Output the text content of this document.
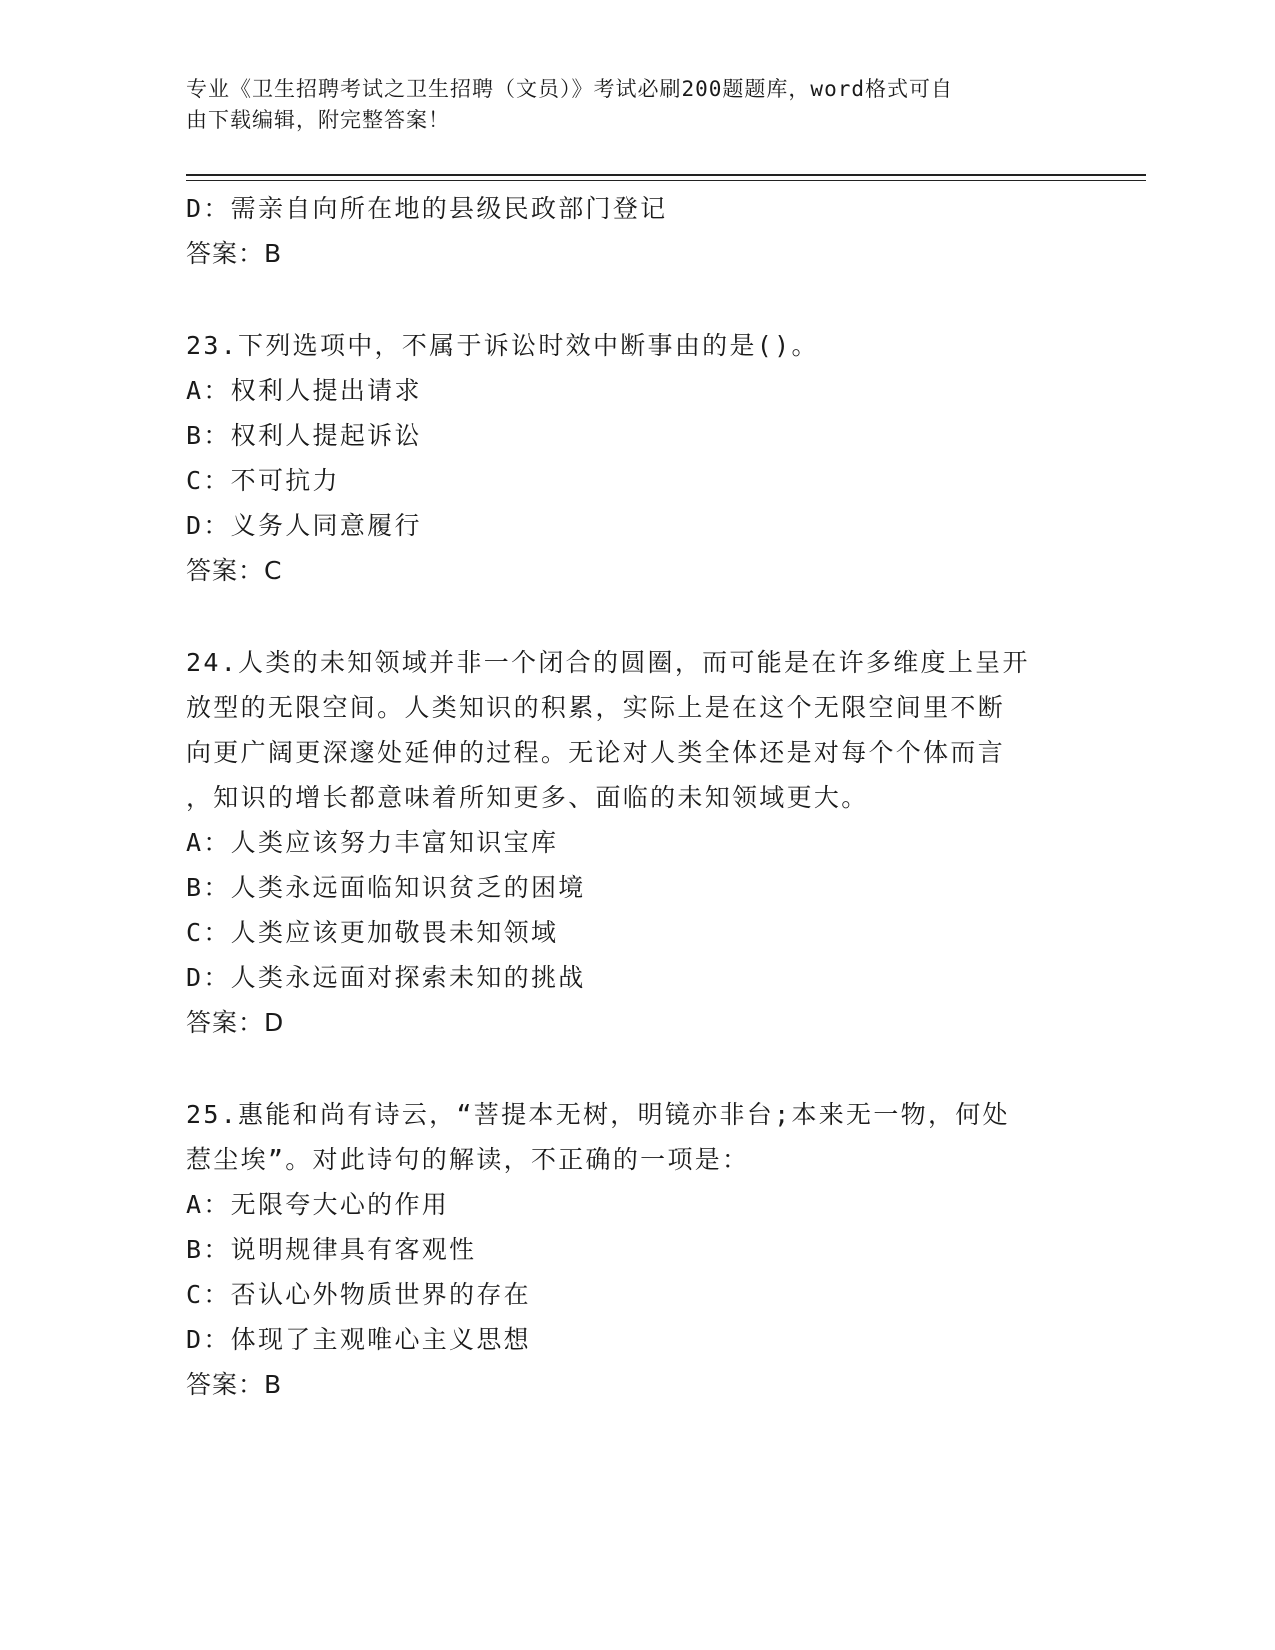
专业《卫生招聘考试之卫生招聘（文员）》考试必刷200题题库，word格式可自
由下载编辑，附完整答案！
D：需亲自向所在地的县级民政部门登记
答案：B
23.下列选项中，不属于诉讼时效中断事由的是()。
A：权利人提出请求
B：权利人提起诉讼
C：不可抗力
D：义务人同意履行
答案：C
24.人类的未知领域并非一个闭合的圆圈，而可能是在许多维度上呈开
放型的无限空间。人类知识的积累，实际上是在这个无限空间里不断
向更广阔更深邃处延伸的过程。无论对人类全体还是对每个个体而言
，知识的增长都意味着所知更多、面临的未知领域更大。
A：人类应该努力丰富知识宝库
B：人类永远面临知识贫乏的困境
C：人类应该更加敬畏未知领域
D：人类永远面对探索未知的挑战
答案：D
25.惠能和尚有诗云，“菩提本无树，明镜亦非台;本来无一物，何处
惹尘埃”。对此诗句的解读，不正确的一项是：
A：无限夸大心的作用
B：说明规律具有客观性
C：否认心外物质世界的存在
D：体现了主观唯心主义思想
答案：B
